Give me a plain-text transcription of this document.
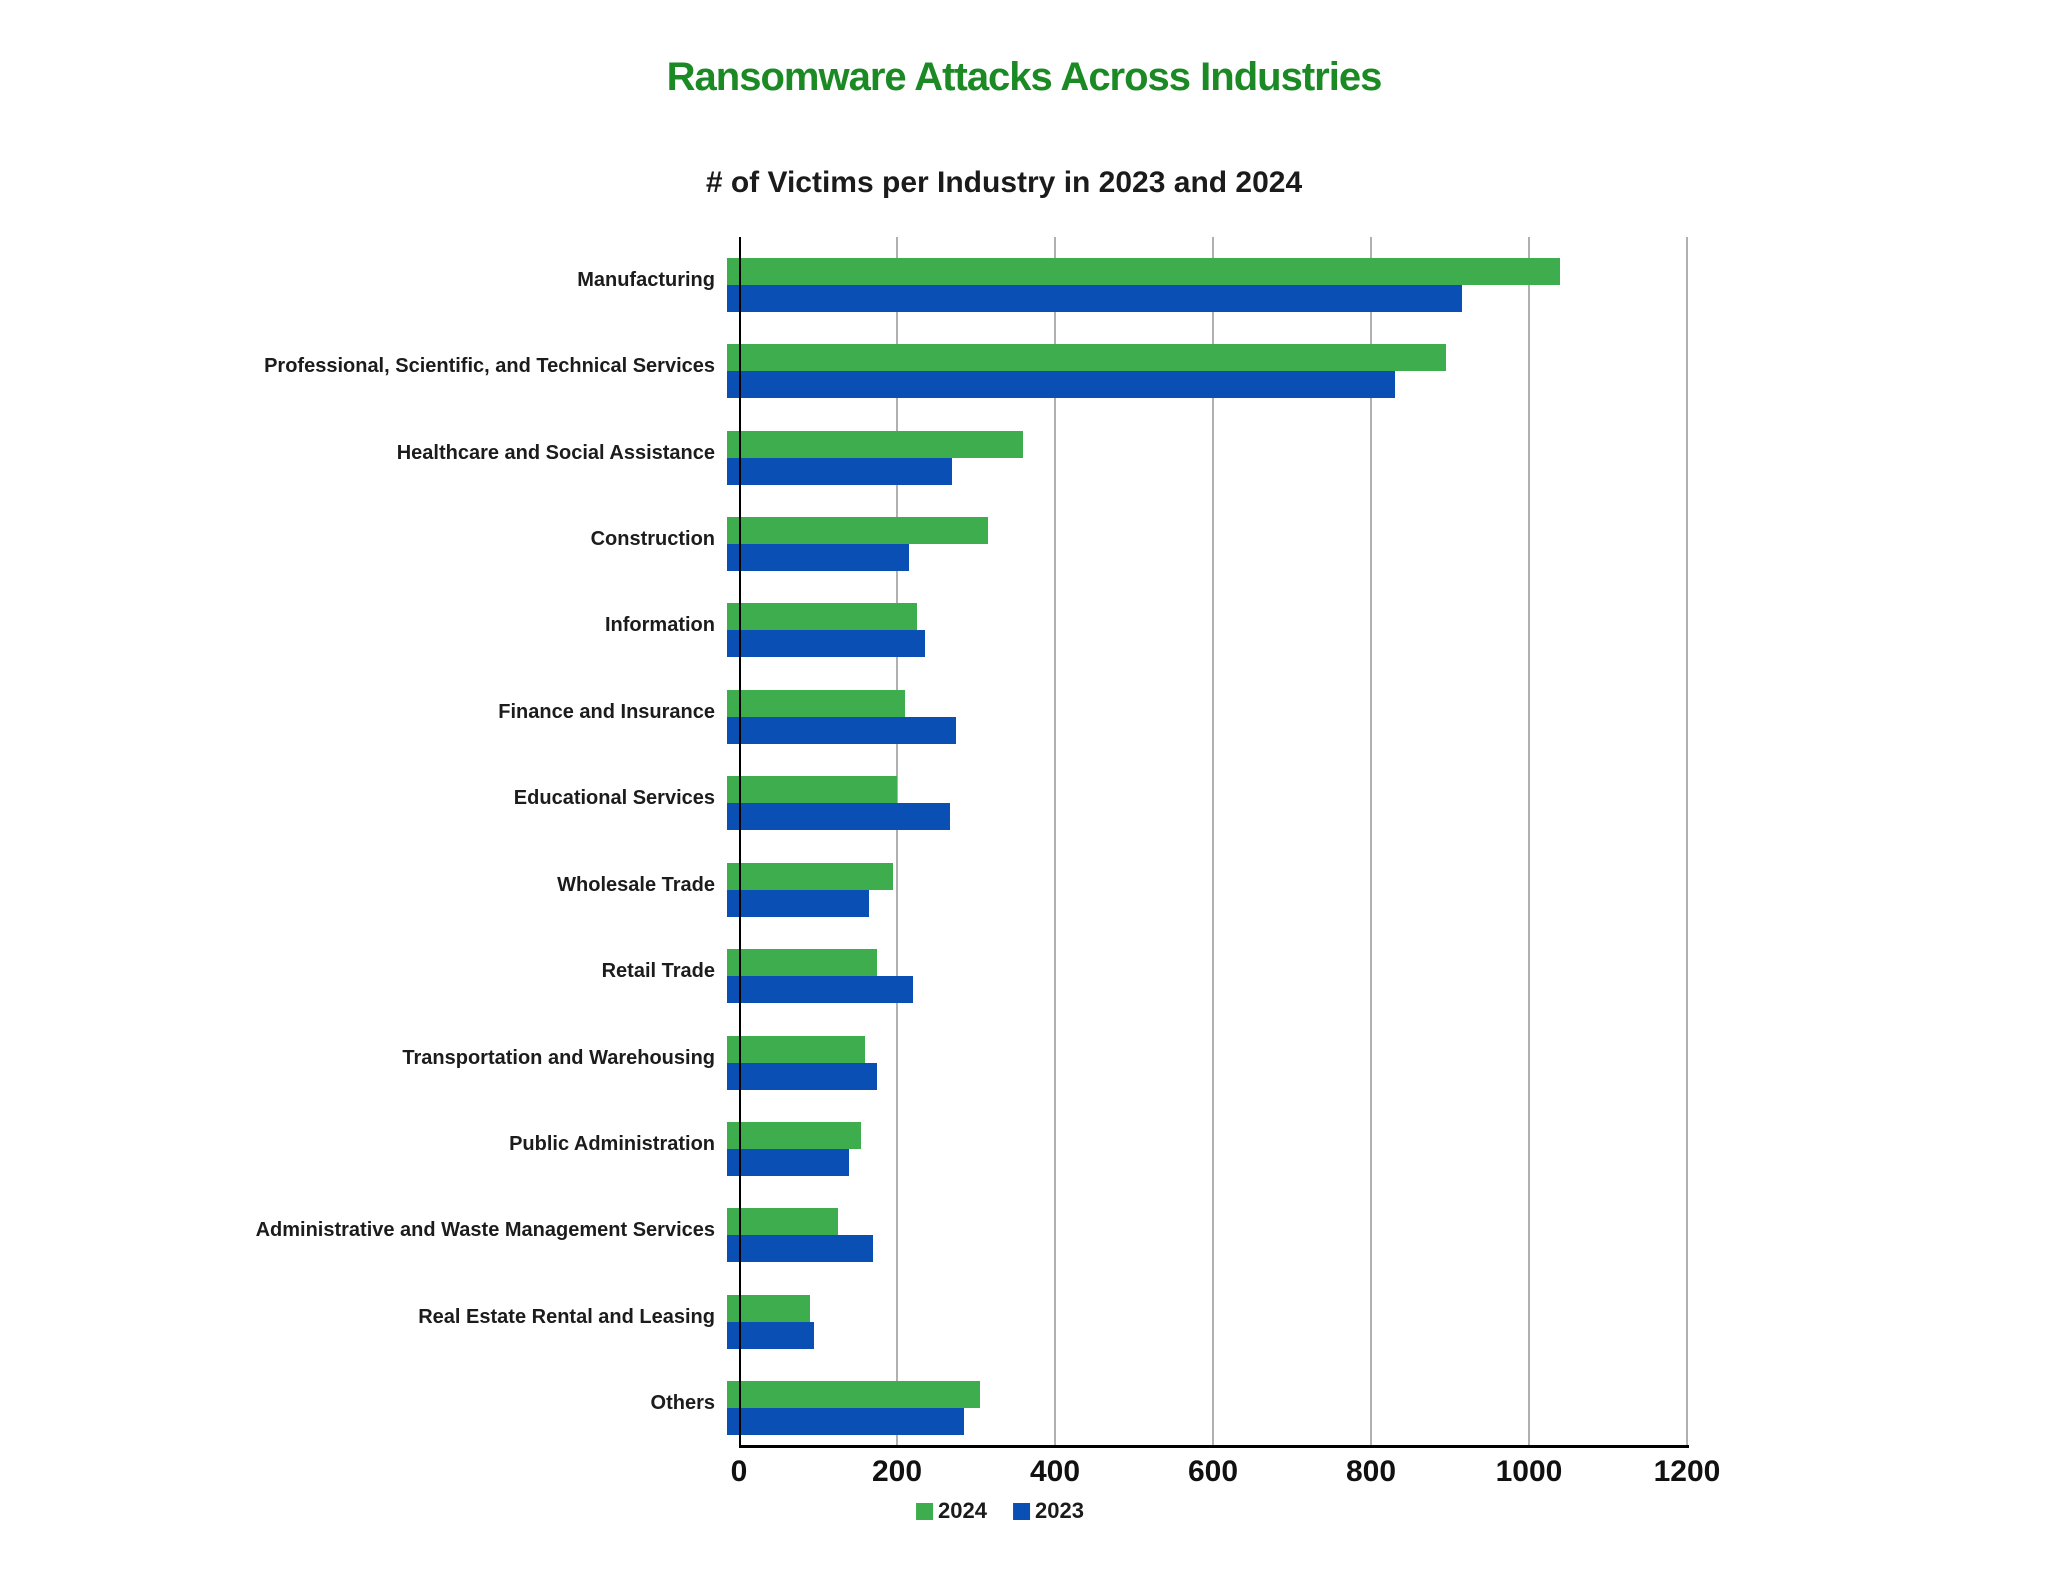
Ransomware Attacks Across Industries
# of Victims per Industry in 2023 and 2024
Manufacturing
Professional, Scientific, and Technical Services
Healthcare and Social Assistance
Construction
Information
Finance and Insurance
Educational Services
Wholesale Trade
Retail Trade
Transportation and Warehousing
Public Administration
Administrative and Waste Management Services
Real Estate Rental and Leasing
Others
0	200	400	600	800	1000	1200
2024 2023
